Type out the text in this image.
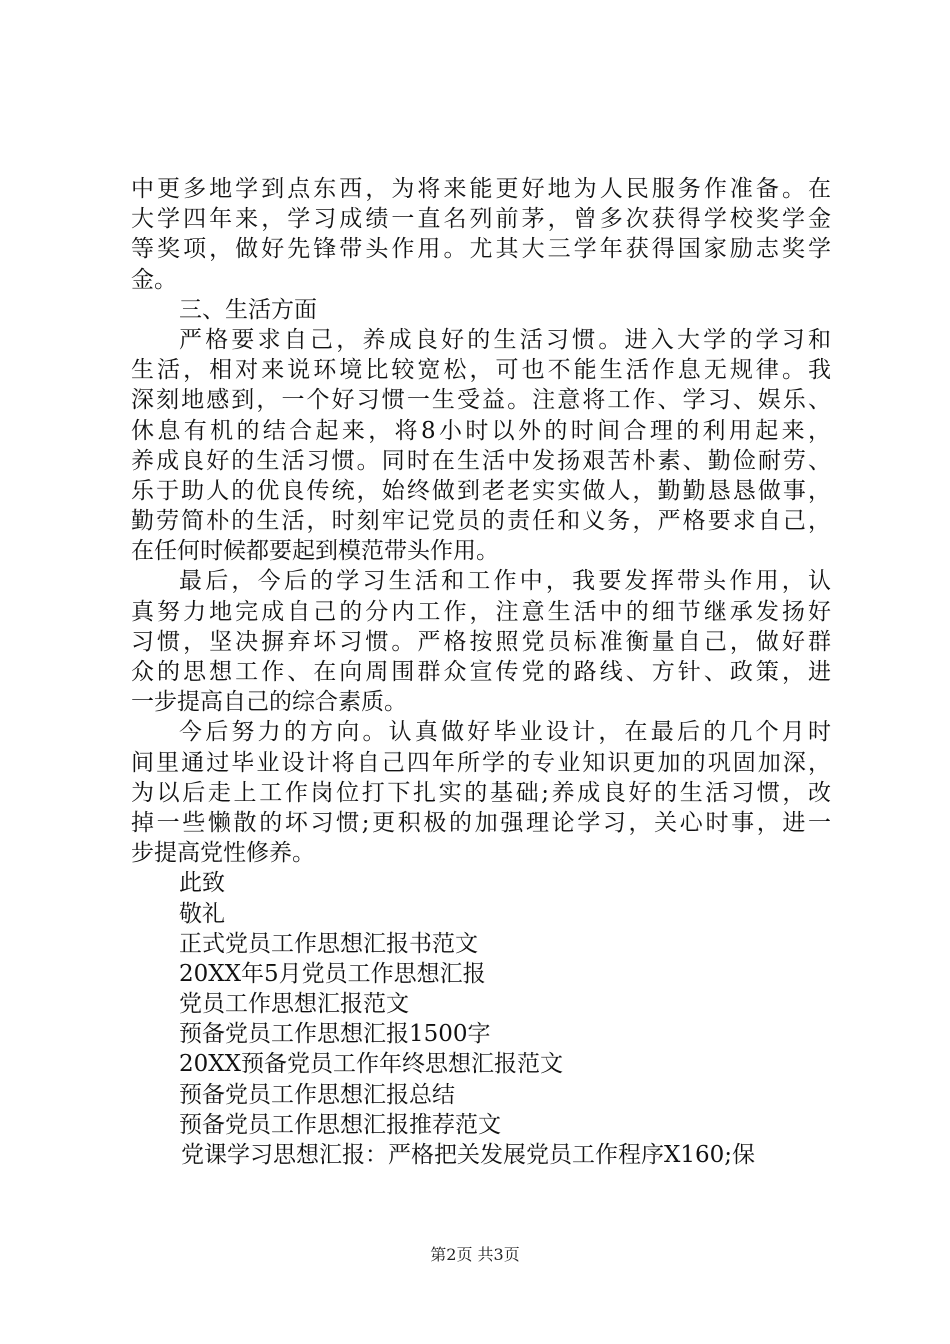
中更多地学到点东西，为将来能更好地为人民服务作准备。在
大学四年来，学习成绩一直名列前茅，曾多次获得学校奖学金
等奖项，做好先锋带头作用。尤其大三学年获得国家励志奖学
金。
三、生活方面
严格要求自己，养成良好的生活习惯。进入大学的学习和
生活，相对来说环境比较宽松，可也不能生活作息无规律。我
深刻地感到，一个好习惯一生受益。注意将工作、学习、娱乐、
休息有机的结合起来，将8小时以外的时间合理的利用起来，
养成良好的生活习惯。同时在生活中发扬艰苦朴素、勤俭耐劳、
乐于助人的优良传统，始终做到老老实实做人，勤勤恳恳做事，
勤劳简朴的生活，时刻牢记党员的责任和义务，严格要求自己，
在任何时候都要起到模范带头作用。
最后，今后的学习生活和工作中，我要发挥带头作用，认
真努力地完成自己的分内工作，注意生活中的细节继承发扬好
习惯，坚决摒弃坏习惯。严格按照党员标准衡量自己，做好群
众的思想工作、在向周围群众宣传党的路线、方针、政策，进
一步提高自己的综合素质。
今后努力的方向。认真做好毕业设计，在最后的几个月时
间里通过毕业设计将自己四年所学的专业知识更加的巩固加深，
为以后走上工作岗位打下扎实的基础;养成良好的生活习惯，改
掉一些懒散的坏习惯;更积极的加强理论学习，关心时事，进一
步提高党性修养。
此致
敬礼
正式党员工作思想汇报书范文
20XX年5月党员工作思想汇报
党员工作思想汇报范文
预备党员工作思想汇报1500字
20XX预备党员工作年终思想汇报范文
预备党员工作思想汇报总结
预备党员工作思想汇报推荐范文
党课学习思想汇报：严格把关发展党员工作程序X160;保
第2页 共3页
